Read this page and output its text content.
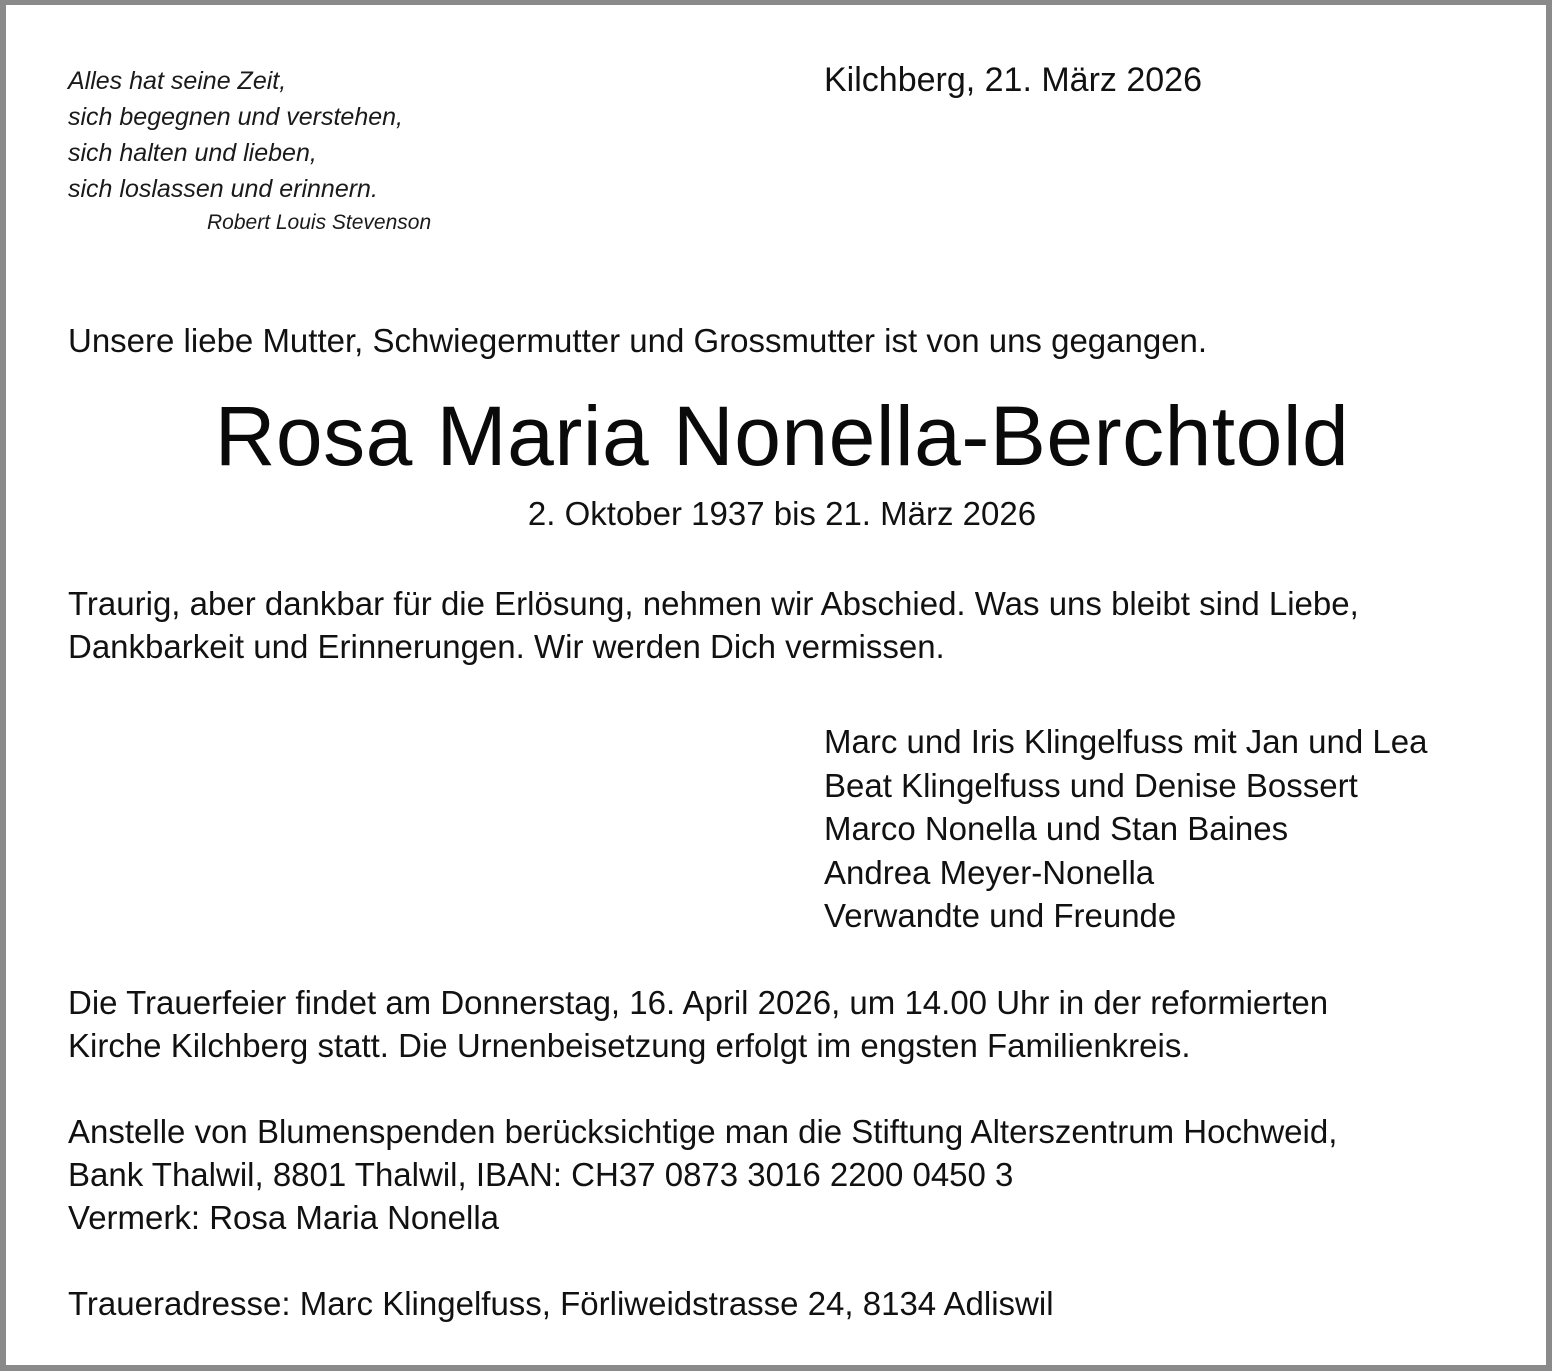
Alles hat seine Zeit,
sich begegnen und verstehen,
sich halten und lieben,
sich loslassen und erinnern.
Robert Louis Stevenson
Kilchberg, 21. März 2026
Unsere liebe Mutter, Schwiegermutter und Grossmutter ist von uns gegangen.
Rosa Maria Nonella-Berchtold
2. Oktober 1937 bis 21. März 2026
Traurig, aber dankbar für die Erlösung, nehmen wir Abschied. Was uns bleibt sind Liebe,
Dankbarkeit und Erinnerungen. Wir werden Dich vermissen.
Marc und Iris Klingelfuss mit Jan und Lea
Beat Klingelfuss und Denise Bossert
Marco Nonella und Stan Baines
Andrea Meyer-Nonella
Verwandte und Freunde
Die Trauerfeier findet am Donnerstag, 16. April 2026, um 14.00 Uhr in der reformierten
Kirche Kilchberg statt. Die Urnenbeisetzung erfolgt im engsten Familienkreis.
Anstelle von Blumenspenden berücksichtige man die Stiftung Alterszentrum Hochweid,
Bank Thalwil, 8801 Thalwil, IBAN: CH37 0873 3016 2200 0450 3
Vermerk: Rosa Maria Nonella
Traueradresse: Marc Klingelfuss, Förliweidstrasse 24, 8134 Adliswil
